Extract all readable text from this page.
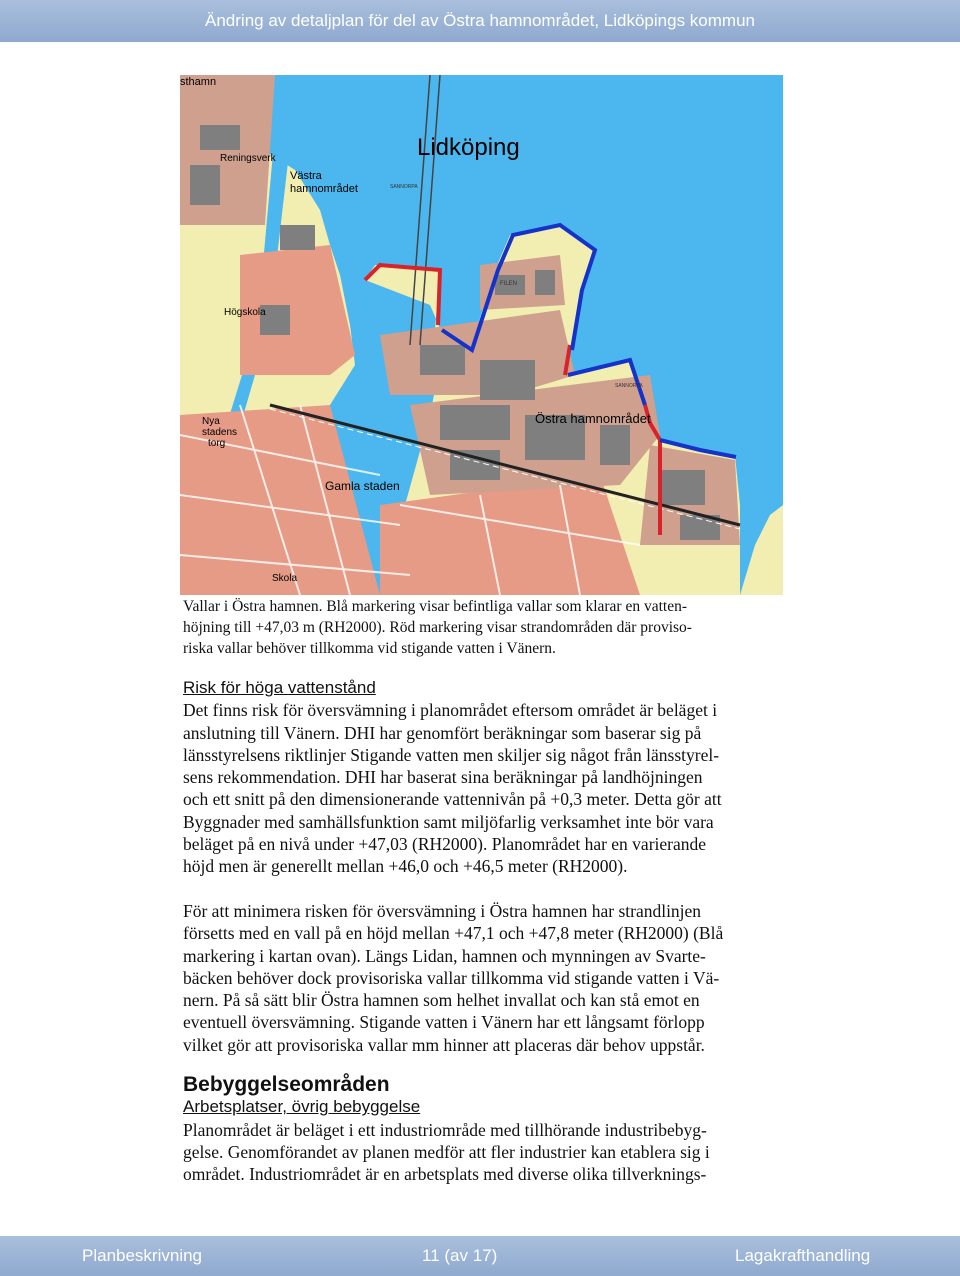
Ändring av detaljplan för del av Östra hamnområdet, Lidköpings kommun
Lidköping
sthamn
Reningsverk
Västra
hamnområdet
Högskola
Nya
stadens
torg
Östra hamnområdet
Gamla staden
Skola
SANNORPA
SANNORPA
FILEN
Vallar i Östra hamnen. Blå markering visar befintliga vallar som klarar en vatten-
höjning till +47,03 m (RH2000). Röd markering visar strandområden där proviso-
riska vallar behöver tillkomma vid stigande vatten i Vänern.
Risk för höga vattenstånd
Det finns risk för översvämning i planområdet eftersom området är beläget i
anslutning till Vänern. DHI har genomfört beräkningar som baserar sig på
länsstyrelsens riktlinjer Stigande vatten men skiljer sig något från länsstyrel-
sens rekommendation. DHI har baserat sina beräkningar på landhöjningen
och ett snitt på den dimensionerande vattennivån på +0,3 meter. Detta gör att
Byggnader med samhällsfunktion samt miljöfarlig verksamhet inte bör vara
beläget på en nivå under +47,03 (RH2000). Planområdet har en varierande
höjd men är generellt mellan +46,0 och +46,5 meter (RH2000).
För att minimera risken för översvämning i Östra hamnen har strandlinjen
försetts med en vall på en höjd mellan +47,1 och +47,8 meter (RH2000) (Blå
markering i kartan ovan). Längs Lidan, hamnen och mynningen av Svarte-
bäcken behöver dock provisoriska vallar tillkomma vid stigande vatten i Vä-
nern. På så sätt blir Östra hamnen som helhet invallat och kan stå emot en
eventuell översvämning. Stigande vatten i Vänern har ett långsamt förlopp
vilket gör att provisoriska vallar mm hinner att placeras där behov uppstår.
Bebyggelseområden
Arbetsplatser, övrig bebyggelse
Planområdet är beläget i ett industriområde med tillhörande industribebyg-
gelse. Genomförandet av planen medför att fler industrier kan etablera sig i
området. Industriområdet är en arbetsplats med diverse olika tillverknings-
Planbeskrivning	11 (av 17)	Lagakrafthandling
